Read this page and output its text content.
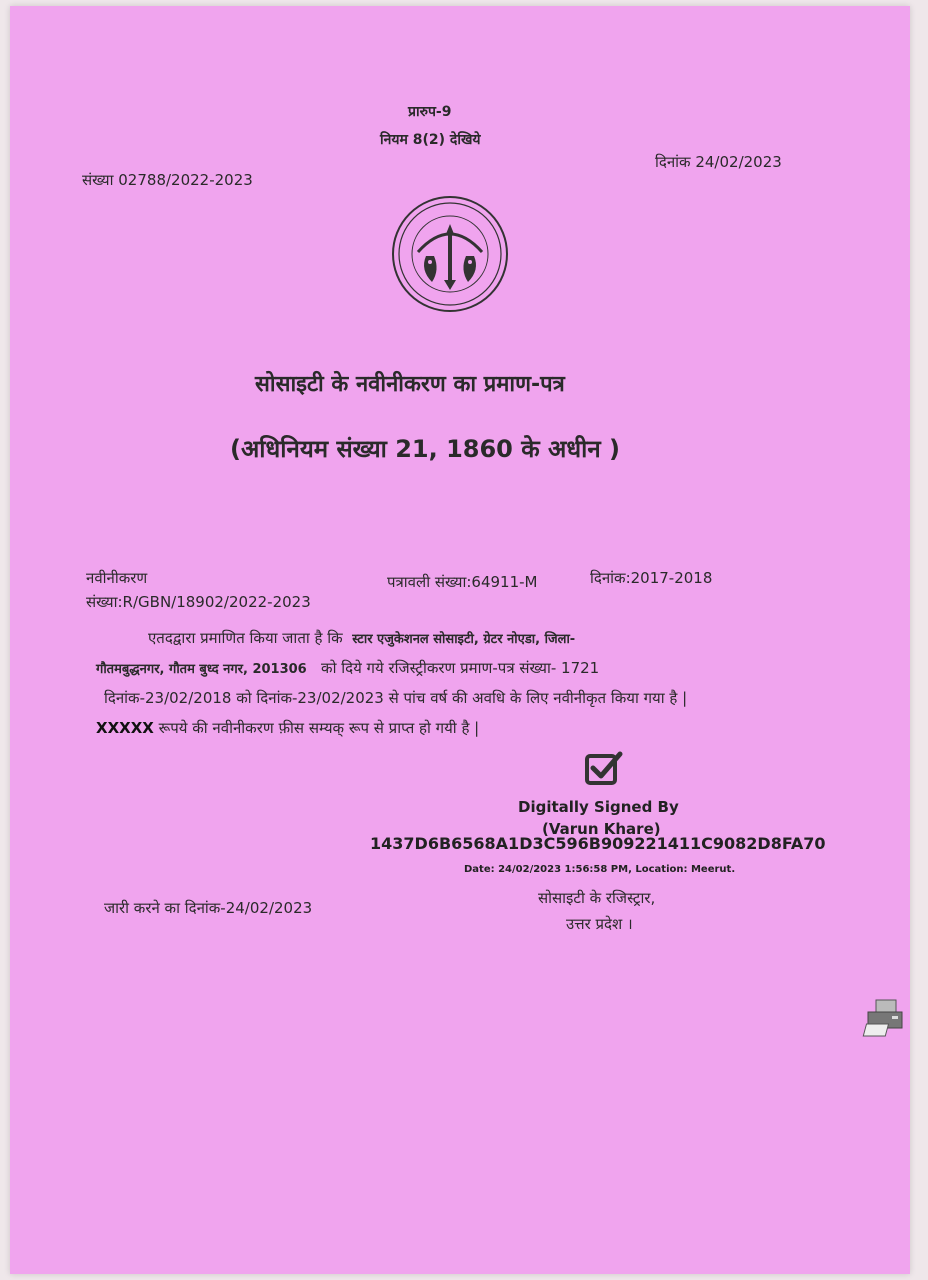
प्रारुप-9
नियम 8(2) देखिये
संख्या 02788/2022-2023
दिनांक 24/02/2023
सोसाइटी के नवीनीकरण का प्रमाण-पत्र
(अधिनियम संख्या 21, 1860 के अधीन )
नवीनीकरण
संख्या:R/GBN/18902/2022-2023
पत्रावली संख्या:64911-M	दिनांक:2017-2018
एतदद्वारा प्रमाणित किया जाता है कि स्टार एजुकेशनल सोसाइटी, ग्रेटर नोएडा, जिला-
गौतमबुद्धनगर, गौतम बुध्द नगर, 201306 को दिये गये रजिस्ट्रीकरण प्रमाण-पत्र संख्या- 1721
दिनांक-23/02/2018 को दिनांक-23/02/2023 से पांच वर्ष की अवधि के लिए नवीनीकृत किया गया है |
XXXXX रूपये की नवीनीकरण फ़ीस सम्यक् रूप से प्राप्त हो गयी है |
Digitally Signed By
(Varun Khare)
1437D6B6568A1D3C596B909221411C9082D8FA70
Date: 24/02/2023 1:56:58 PM, Location: Meerut.
जारी करने का दिनांक-24/02/2023
सोसाइटी के रजिस्ट्रार,
उत्तर प्रदेश ।
